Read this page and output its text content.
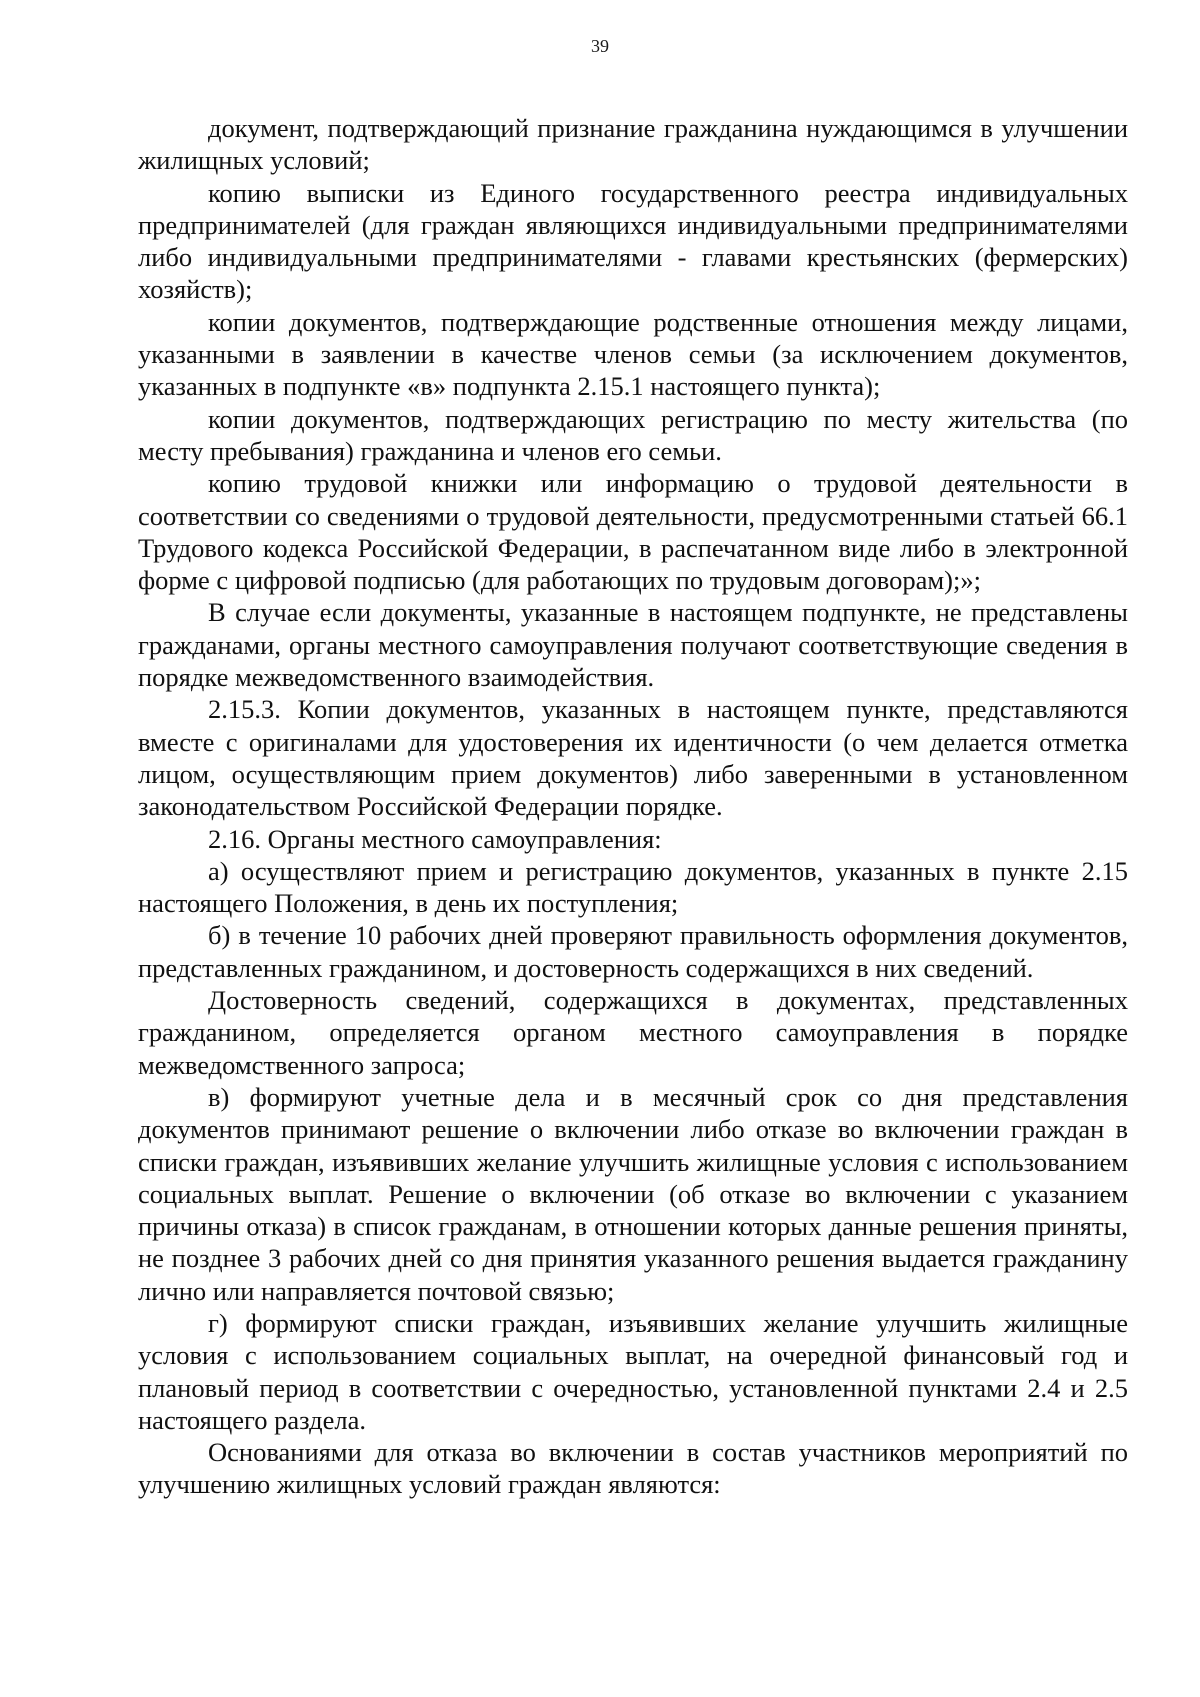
39

документ, подтверждающий признание гражданина нуждающимся в улучшении жилищных условий;

копию выписки из Единого государственного реестра индивидуальных предпринимателей (для граждан являющихся индивидуальными предпринимателями либо индивидуальными предпринимателями - главами крестьянских (фермерских) хозяйств);

копии документов, подтверждающие родственные отношения между лицами, указанными в заявлении в качестве членов семьи (за исключением документов, указанных в подпункте «в» подпункта 2.15.1 настоящего пункта);

копии документов, подтверждающих регистрацию по месту жительства (по месту пребывания) гражданина и членов его семьи.

копию трудовой книжки или информацию о трудовой деятельности в соответствии со сведениями о трудовой деятельности, предусмотренными статьей 66.1 Трудового кодекса Российской Федерации, в распечатанном виде либо в электронной форме с цифровой подписью (для работающих по трудовым договорам);»;

В случае если документы, указанные в настоящем подпункте, не представлены гражданами, органы местного самоуправления получают соответствующие сведения в порядке межведомственного взаимодействия.

2.15.3. Копии документов, указанных в настоящем пункте, представляются вместе с оригиналами для удостоверения их идентичности (о чем делается отметка лицом, осуществляющим прием документов) либо заверенными в установленном законодательством Российской Федерации порядке.

2.16. Органы местного самоуправления:

а) осуществляют прием и регистрацию документов, указанных в пункте 2.15 настоящего Положения, в день их поступления;

б) в течение 10 рабочих дней проверяют правильность оформления документов, представленных гражданином, и достоверность содержащихся в них сведений.

Достоверность сведений, содержащихся в документах, представленных гражданином, определяется органом местного самоуправления в порядке межведомственного запроса;

в) формируют учетные дела и в месячный срок со дня представления документов принимают решение о включении либо отказе во включении граждан в списки граждан, изъявивших желание улучшить жилищные условия с использованием социальных выплат. Решение о включении (об отказе во включении с указанием причины отказа) в список гражданам, в отношении которых данные решения приняты, не позднее 3 рабочих дней со дня принятия указанного решения выдается гражданину лично или направляется почтовой связью;

г) формируют списки граждан, изъявивших желание улучшить жилищные условия с использованием социальных выплат, на очередной финансовый год и плановый период в соответствии с очередностью, установленной пунктами 2.4 и 2.5 настоящего раздела.

Основаниями для отказа во включении в состав участников мероприятий по улучшению жилищных условий граждан являются:
